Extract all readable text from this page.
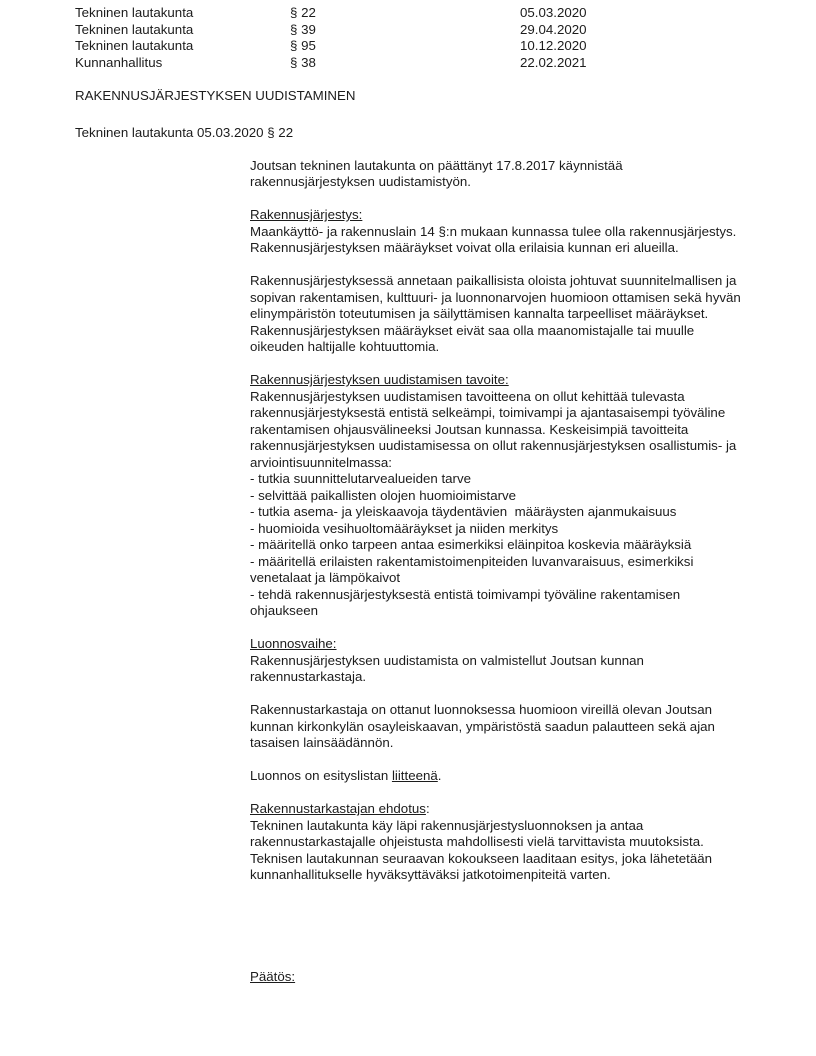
Tekninen lautakunta	§ 22	05.03.2020
Tekninen lautakunta	§ 39	29.04.2020
Tekninen lautakunta	§ 95	10.12.2020
Kunnanhallitus	§ 38	22.02.2021
RAKENNUSJÄRJESTYKSEN UUDISTAMINEN
Tekninen lautakunta 05.03.2020 § 22
Joutsan tekninen lautakunta on päättänyt 17.8.2017 käynnistää rakennusjärjestyksen uudistamistyön.
Rakennusjärjestys:
Maankäyttö- ja rakennuslain 14 §:n mukaan kunnassa tulee olla rakennusjärjestys. Rakennusjärjestyksen määräykset voivat olla erilaisia kunnan eri alueilla.
Rakennusjärjestyksessä annetaan paikallisista oloista johtuvat suunnitelmallisen ja sopivan rakentamisen, kulttuuri- ja luonnonarvojen huomioon ottamisen sekä hyvän elinympäristön toteutumisen ja säilyttämisen kannalta tarpeelliset määräykset. Rakennusjärjestyksen määräykset eivät saa olla maanomistajalle tai muulle oikeuden haltijalle kohtuuttomia.
Rakennusjärjestyksen uudistamisen tavoite:
Rakennusjärjestyksen uudistamisen tavoitteena on ollut kehittää tulevasta rakennusjärjestyksestä entistä selkeämpi, toimivampi ja ajantasaisempi työväline rakentamisen ohjausvälineeksi Joutsan kunnassa. Keskeisimpiä tavoitteita rakennusjärjestyksen uudistamisessa on ollut rakennusjärjestyksen osallistumis- ja arviointisuunnitelmassa:
- tutkia suunnittelutarvealueiden tarve
- selvittää paikallisten olojen huomioimistarve
- tutkia asema- ja yleiskaavoja täydentävien  määräysten ajanmukaisuus
- huomioida vesihuoltomääräykset ja niiden merkitys
- määritellä onko tarpeen antaa esimerkiksi eläinpitoa koskevia määräyksiä
- määritellä erilaisten rakentamistoimenpiteiden luvanvaraisuus, esimerkiksi venetalaat ja lämpökaivot
- tehdä rakennusjärjestyksestä entistä toimivampi työväline rakentamisen ohjaukseen
Luonnosvaihe:
Rakennusjärjestyksen uudistamista on valmistellut Joutsan kunnan rakennustarkastaja.
Rakennustarkastaja on ottanut luonnoksessa huomioon vireillä olevan Joutsan kunnan kirkonkylän osayleiskaavan, ympäristöstä saadun palautteen sekä ajan tasaisen lainsäädännön.
Luonnos on esityslistan liitteenä.
Rakennustarkastajan ehdotus:
Tekninen lautakunta käy läpi rakennusjärjestysluonnoksen ja antaa rakennustarkastajalle ohjeistusta mahdollisesti vielä tarvittavista muutoksista. Teknisen lautakunnan seuraavan kokoukseen laaditaan esitys, joka lähetetään kunnanhallitukselle hyväksyttäväksi jatkotoimenpiteitä varten.
Päätös:
